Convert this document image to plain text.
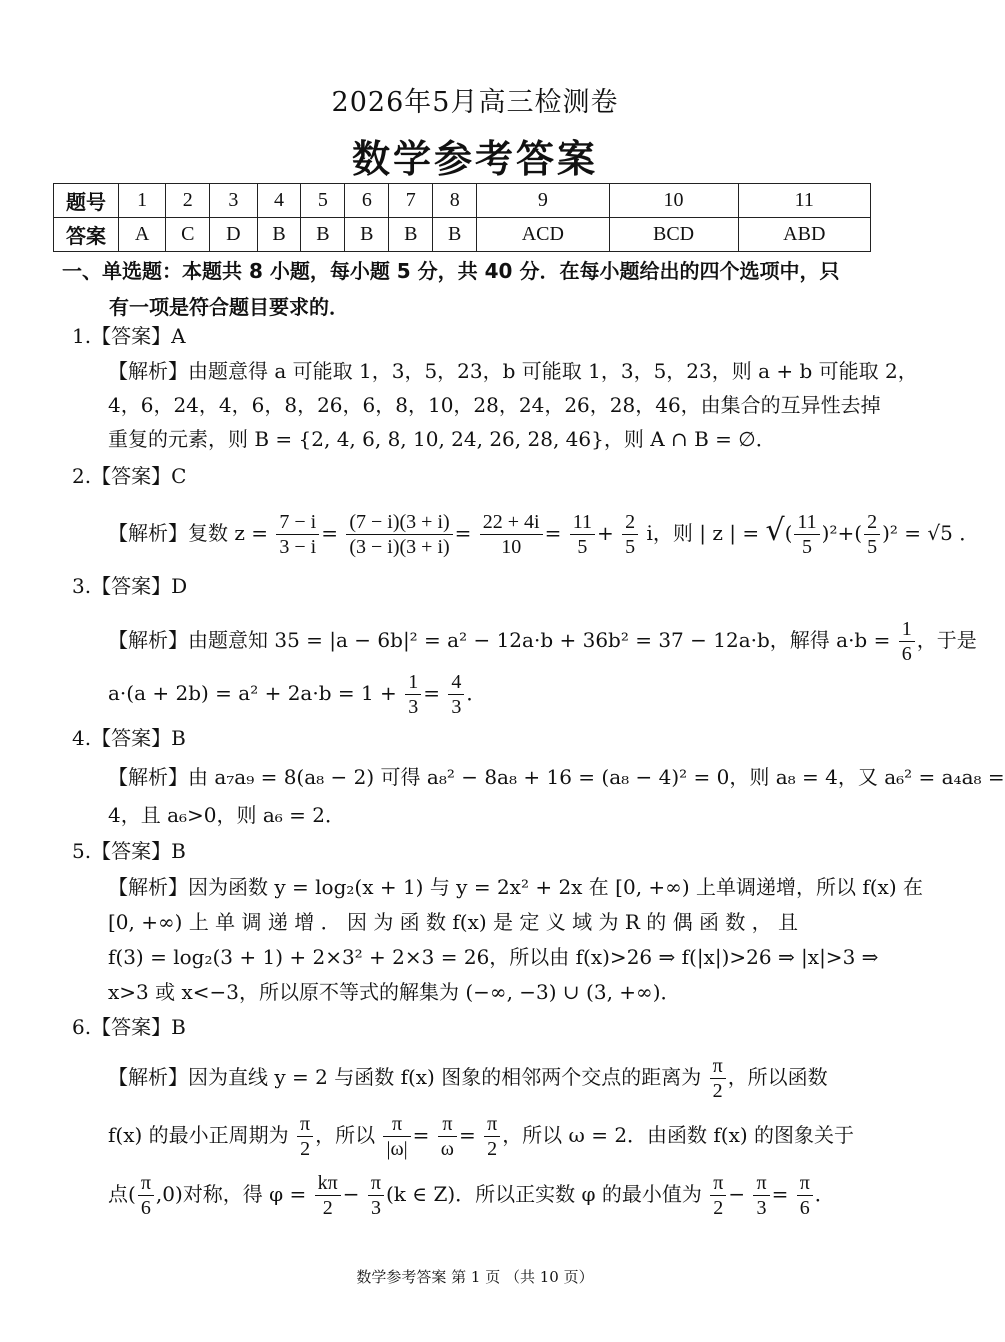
2026年5月高三检测卷
数学参考答案
题号	1	2	3	4	5	6	7	8	9	10	11
答案	A	C	D	B	B	B	B	B	ACD	BCD	ABD
一、单选题：本题共 8 小题，每小题 5 分，共 40 分．在每小题给出的四个选项中，只
有一项是符合题目要求的．
1.【答案】A
【解析】由题意得 a 可能取 1，3，5，23，b 可能取 1，3，5，23，则 a + b 可能取 2，
4，6，24，4，6，8，26，6，8，10，28，24，26，28，46，由集合的互异性去掉
重复的元素，则 B = {2, 4, 6, 8, 10, 24, 26, 28, 46}，则 A ∩ B = ∅．
2.【答案】C
【解析】复数 $z = \frac{7 - i}{3 - i} = \frac{(7 - i)(3 + i)}{(3 - i)(3 + i)} = \frac{22 + 4i}{10} = \frac{11}{5} + \frac{2}{5}$ i，则 | z | = √( $\frac{11}{5} )^2+( \frac{2}{5} )^2 = √5$ ．
3.【答案】D
【解析】由题意知 35 = |a − 6b|² = a² − 12a·b + 36b² = 37 − 12a·b，解得 $a\cdot b = \frac{1}{6}$ ，于是
$a\cdot(a + 2b) = a^2 + 2a\cdot b = 1 + \frac{1}{3} = \frac{4}{3}$ ．
4.【答案】B
【解析】由 a₇a₉ = 8(a₈ − 2) 可得 a₈² − 8a₈ + 16 = (a₈ − 4)² = 0，则 a₈ = 4，又 a₆² = a₄a₈ =
4，且 a₆>0，则 a₆ = 2．
5.【答案】B
【解析】因为函数 y = log₂(x + 1) 与 y = 2x² + 2x 在 [0, +∞) 上单调递增，所以 f(x) 在
[0, +∞) 上 单 调 递 增 ． 因 为 函 数 f(x) 是 定 义 域 为 R 的 偶 函 数 ， 且
f(3) = log₂(3 + 1) + 2×3² + 2×3 = 26，所以由 f(x)>26 ⇒ f(|x|)>26 ⇒ |x|>3 ⇒
x>3 或 x<−3，所以原不等式的解集为 (−∞, −3) ∪ (3, +∞)．
6.【答案】B
【解析】因为直线 y = 2 与函数 f(x) 图象的相邻两个交点的距离为 $\frac{\pi}{2}$ ，所以函数
f(x) 的最小正周期为 $\frac{\pi}{2}$ ，所以 $\frac{\pi}{|\omega|} = \frac{\pi}{\omega} = \frac{\pi}{2}$ ，所以 ω = 2．由函数 f(x) 的图象关于
点( $\frac{\pi}{6} ,0$)对称，得 $\varphi = \frac{k\pi}{2} - \frac{\pi}{3} (k$ ∈ Z)．所以正实数 φ 的最小值为 $\frac{\pi}{2} - \frac{\pi}{3} = \frac{\pi}{6}$ ．
数学参考答案 第 1 页 （共 10 页）
